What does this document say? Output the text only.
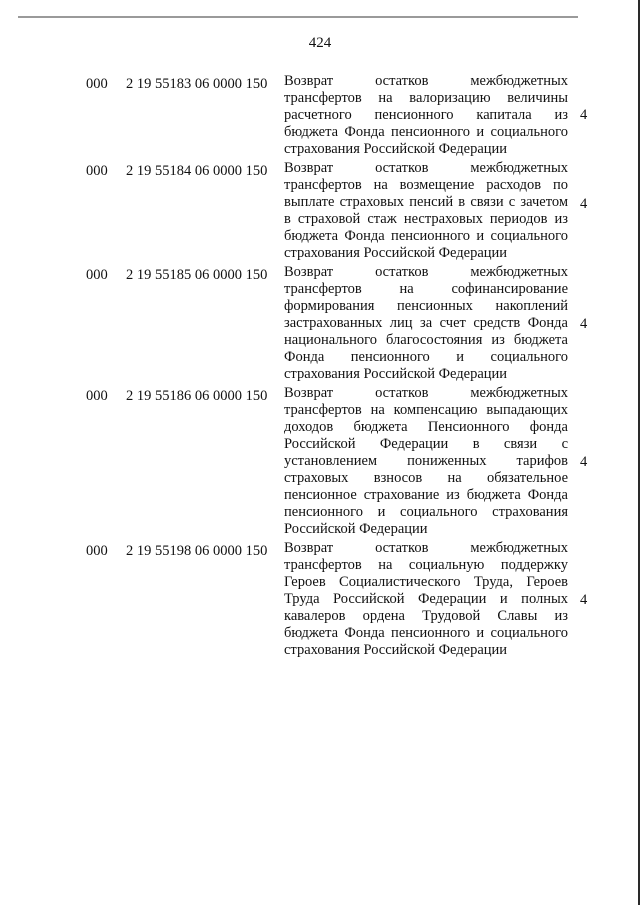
424
000 2 19 55183 06 0000 150 Возврат остатков межбюджетных трансфертов на валоризацию величины расчетного пенсионного капитала из бюджета Фонда пенсионного и социального страхования Российской Федерации
4
000 2 19 55184 06 0000 150 Возврат остатков межбюджетных трансфертов на возмещение расходов по выплате страховых пенсий в связи с зачетом в страховой стаж нестраховых периодов из бюджета Фонда пенсионного и социального страхования Российской Федерации
4
000 2 19 55185 06 0000 150 Возврат остатков межбюджетных трансфертов на софинансирование формирования пенсионных накоплений застрахованных лиц за счет средств Фонда национального благосостояния из бюджета Фонда пенсионного и социального страхования Российской Федерации
4
000 2 19 55186 06 0000 150 Возврат остатков межбюджетных трансфертов на компенсацию выпадающих доходов бюджета Пенсионного фонда Российской Федерации в связи с установлением пониженных тарифов страховых взносов на обязательное пенсионное страхование из бюджета Фонда пенсионного и социального страхования Российской Федерации
4
000 2 19 55198 06 0000 150 Возврат остатков межбюджетных трансфертов на социальную поддержку Героев Социалистического Труда, Героев Труда Российской Федерации и полных кавалеров ордена Трудовой Славы из бюджета Фонда пенсионного и социального страхования Российской Федерации
4
